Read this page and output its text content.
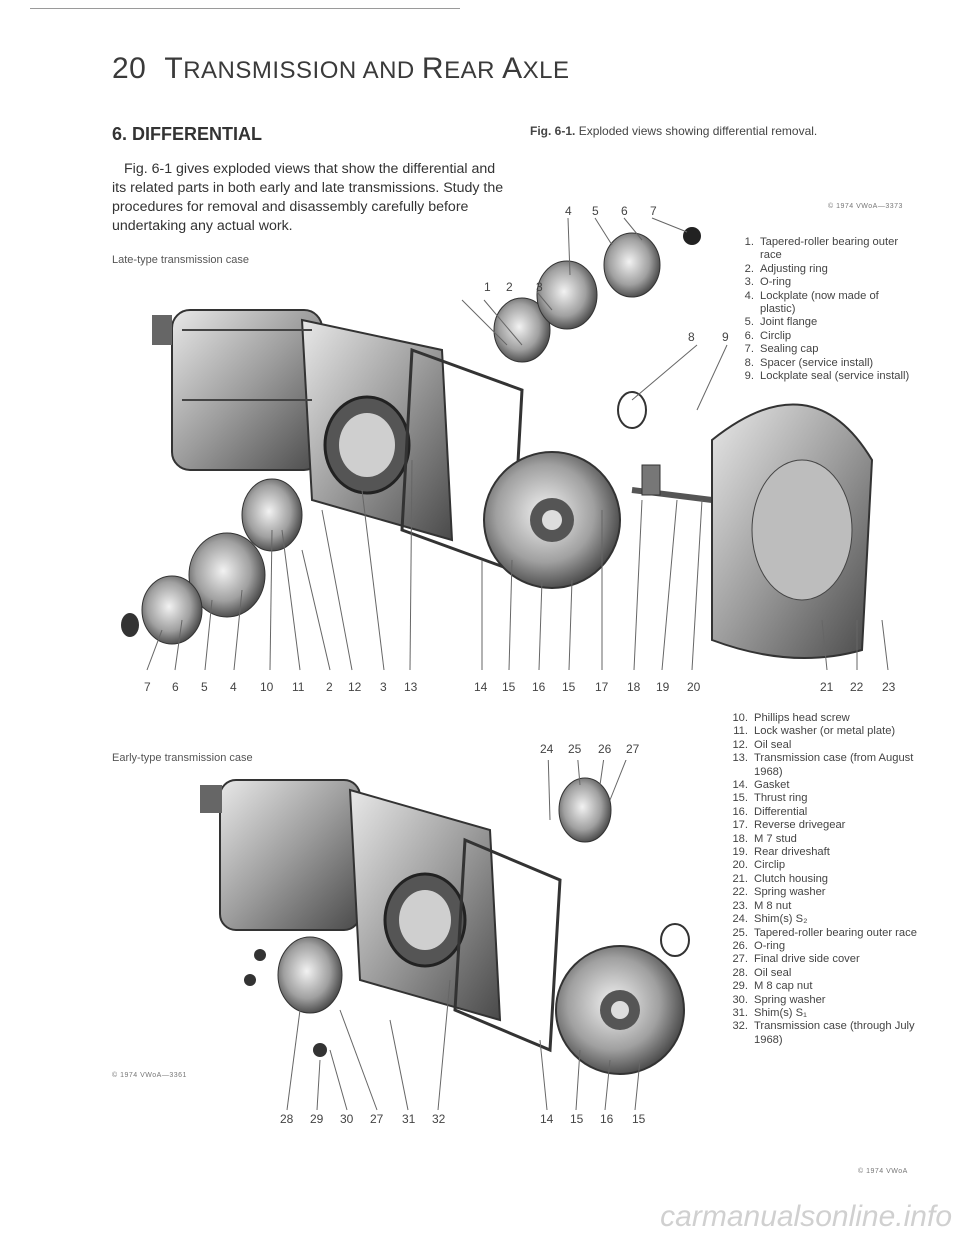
20 TRANSMISSION AND REAR AXLE
6. DIFFERENTIAL	Fig. 6-1. Exploded views showing differential removal.
Fig. 6-1 gives exploded views that show the differential and its related parts in both early and late transmissions. Study the procedures for removal and disassembly carefully before undertaking any actual work.
Late-type transmission case
© 1974 VWoA—3373
4 5 6 7
1 2 3
8 9
7 6 5 4 10 11 2 12 3 13	14 15 16 15 17 18 19 20	21 22 23
1. Tapered-roller bearing outer race
2. Adjusting ring
3. O-ring
4. Lockplate (now made of plastic)
5. Joint flange
6. Circlip
7. Sealing cap
8. Spacer (service install)
9. Lockplate seal (service install)
Early-type transmission case
© 1974 VWoA—3361
24 25 26 27
28 29 30 27 31 32	14 15 16 15
10. Phillips head screw
11. Lock washer (or metal plate)
12. Oil seal
13. Transmission case (from August 1968)
14. Gasket
15. Thrust ring
16. Differential
17. Reverse drivegear
18. M 7 stud
19. Rear driveshaft
20. Circlip
21. Clutch housing
22. Spring washer
23. M 8 nut
24. Shim(s) S₂
25. Tapered-roller bearing outer race
26. O-ring
27. Final drive side cover
28. Oil seal
29. M 8 cap nut
30. Spring washer
31. Shim(s) S₁
32. Transmission case (through July 1968)
© 1974 VWoA
carmanualsonline.info
